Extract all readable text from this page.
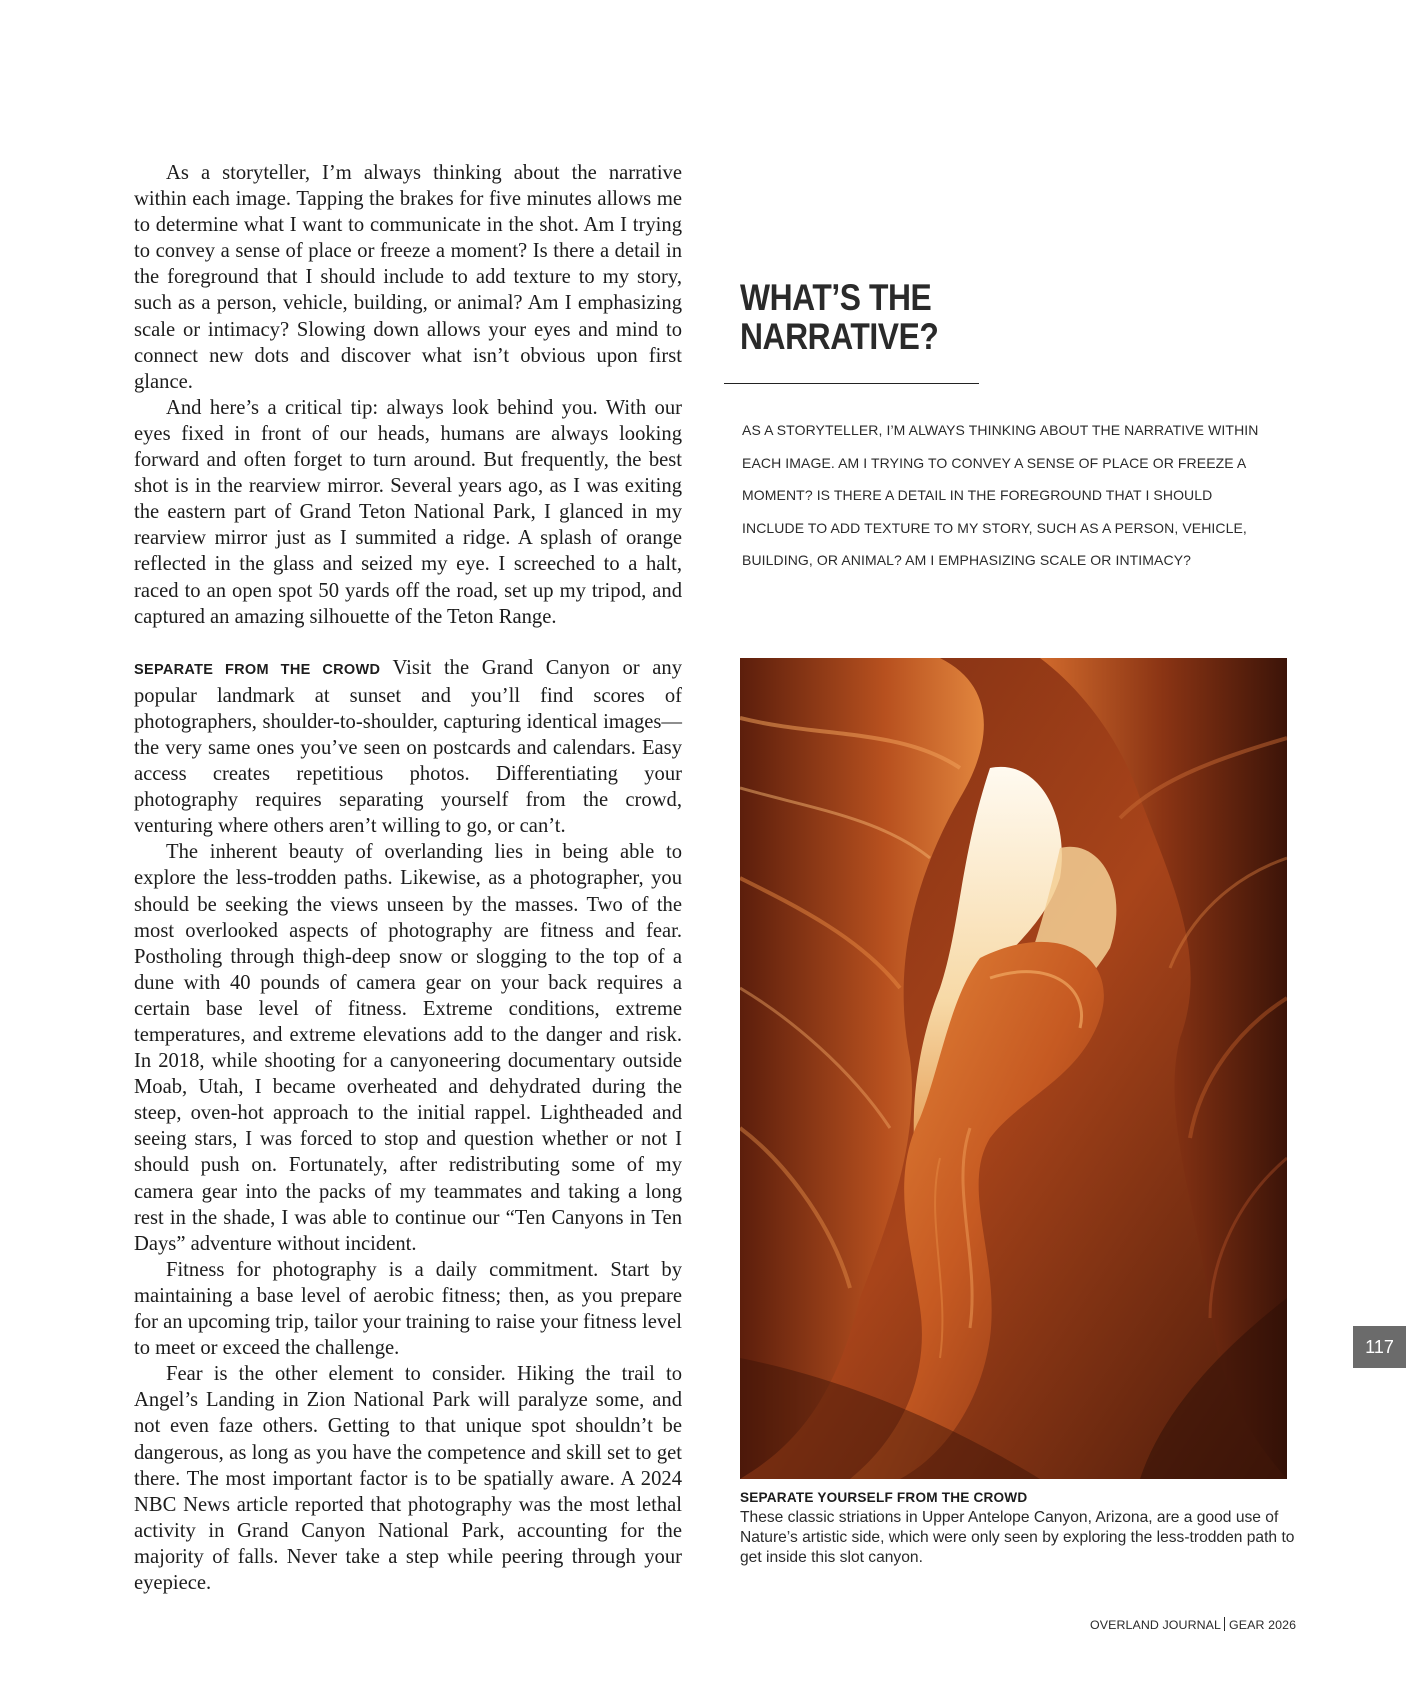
As a storyteller, I’m always thinking about the narrative within each image. Tapping the brakes for five minutes allows me to determine what I want to communicate in the shot. Am I trying to convey a sense of place or freeze a moment? Is there a detail in the foreground that I should include to add texture to my story, such as a person, vehicle, building, or animal? Am I emphasizing scale or intimacy? Slowing down allows your eyes and mind to connect new dots and discover what isn’t obvious upon first glance.

And here’s a critical tip: always look behind you. With our eyes fixed in front of our heads, humans are always looking forward and often forget to turn around. But frequently, the best shot is in the rearview mirror. Several years ago, as I was exiting the eastern part of Grand Teton National Park, I glanced in my rearview mirror just as I summited a ridge. A splash of orange reflected in the glass and seized my eye. I screeched to a halt, raced to an open spot 50 yards off the road, set up my tripod, and captured an amazing silhouette of the Teton Range.

SEPARATE FROM THE CROWD Visit the Grand Canyon or any popular landmark at sunset and you’ll find scores of photographers, shoulder-to-shoulder, capturing identical images—the very same ones you’ve seen on postcards and calendars. Easy access creates repetitious photos. Differentiating your photography requires separating yourself from the crowd, venturing where others aren’t willing to go, or can’t.

The inherent beauty of overlanding lies in being able to explore the less-trodden paths. Likewise, as a photographer, you should be seeking the views unseen by the masses. Two of the most overlooked aspects of photography are fitness and fear. Postholing through thigh-deep snow or slogging to the top of a dune with 40 pounds of camera gear on your back requires a certain base level of fitness. Extreme conditions, extreme temperatures, and extreme elevations add to the danger and risk. In 2018, while shooting for a canyoneering documentary outside Moab, Utah, I became overheated and dehydrated during the steep, oven-hot approach to the initial rappel. Lightheaded and seeing stars, I was forced to stop and question whether or not I should push on. Fortunately, after redistributing some of my camera gear into the packs of my teammates and taking a long rest in the shade, I was able to continue our “Ten Canyons in Ten Days” adventure without incident.

Fitness for photography is a daily commitment. Start by maintaining a base level of aerobic fitness; then, as you prepare for an upcoming trip, tailor your training to raise your fitness level to meet or exceed the challenge.

Fear is the other element to consider. Hiking the trail to Angel’s Landing in Zion National Park will paralyze some, and not even faze others. Getting to that unique spot shouldn’t be dangerous, as long as you have the competence and skill set to get there. The most important factor is to be spatially aware. A 2024 NBC News article reported that photography was the most lethal activity in Grand Canyon National Park, accounting for the majority of falls. Never take a step while peering through your eyepiece.

WHAT’S THE
NARRATIVE?
AS A STORYTELLER, I’M ALWAYS THINKING ABOUT THE NARRATIVE WITHIN EACH IMAGE. AM I TRYING TO CONVEY A SENSE OF PLACE OR FREEZE A MOMENT? IS THERE A DETAIL IN THE FOREGROUND THAT I SHOULD INCLUDE TO ADD TEXTURE TO MY STORY, SUCH AS A PERSON, VEHICLE, BUILDING, OR ANIMAL? AM I EMPHASIZING SCALE OR INTIMACY?
SEPARATE YOURSELF FROM THE CROWD
These classic striations in Upper Antelope Canyon, Arizona, are a good use of Nature’s artistic side, which were only seen by exploring the less-trodden path to get inside this slot canyon.
117
OVERLAND JOURNAL GEAR 2026
